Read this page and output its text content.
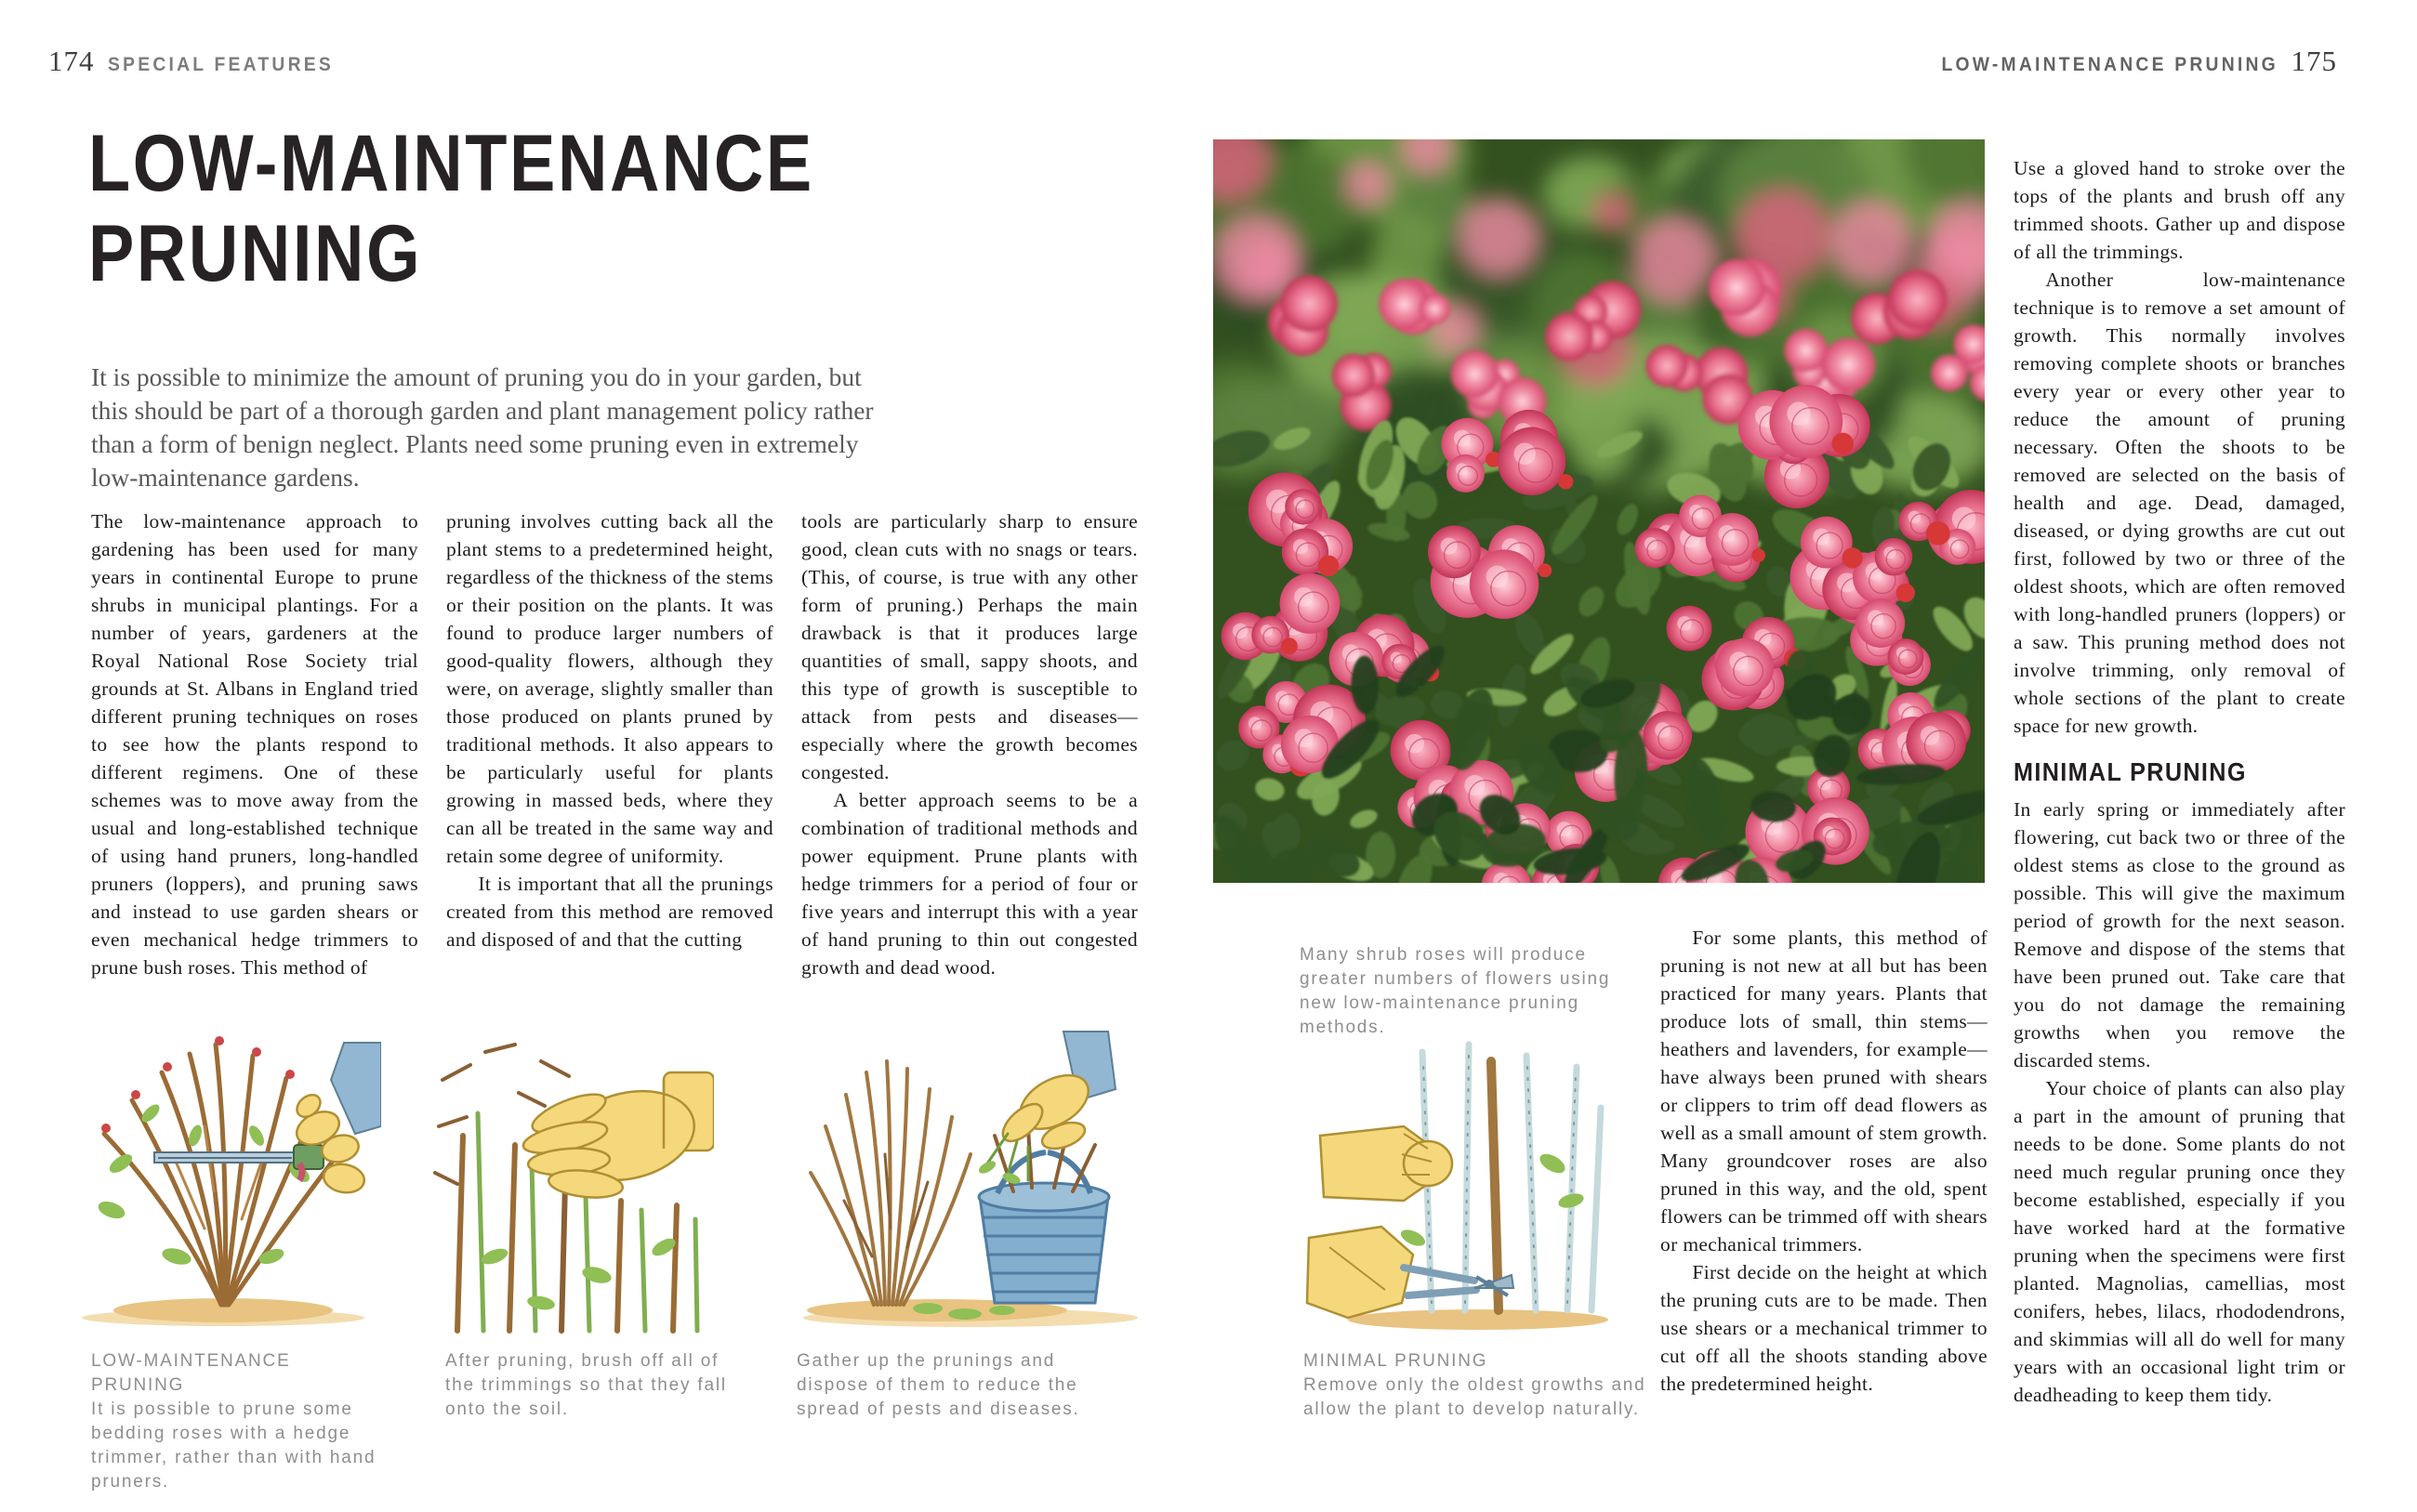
174 SPECIAL FEATURES	LOW-MAINTENANCE PRUNING 175
LOW-MAINTENANCE
PRUNING

It is possible to minimize the amount of pruning you do in your garden, but this should be part of a thorough garden and plant management policy rather than a form of benign neglect. Plants need some pruning even in extremely low-maintenance gardens.

The low-maintenance approach to gardening has been used for many years in continental Europe to prune shrubs in municipal plantings. For a number of years, gardeners at the Royal National Rose Society trial grounds at St. Albans in England tried different pruning techniques on roses to see how the plants respond to different regimens. One of these schemes was to move away from the usual and long-established technique of using hand pruners, long-handled pruners (loppers), and pruning saws and instead to use garden shears or even mechanical hedge trimmers to prune bush roses. This method of

pruning involves cutting back all the plant stems to a predetermined height, regardless of the thickness of the stems or their position on the plants. It was found to produce larger numbers of good-quality flowers, although they were, on average, slightly smaller than those produced on plants pruned by traditional methods. It also appears to be particularly useful for plants growing in massed beds, where they can all be treated in the same way and retain some degree of uniformity.

It is important that all the prunings created from this method are removed and disposed of and that the cutting

tools are particularly sharp to ensure good, clean cuts with no snags or tears. (This, of course, is true with any other form of pruning.) Perhaps the main drawback is that it produces large quantities of small, sappy shoots, and this type of growth is susceptible to attack from pests and diseases—especially where the growth becomes congested.

A better approach seems to be a combination of traditional methods and power equipment. Prune plants with hedge trimmers for a period of four or five years and interrupt this with a year of hand pruning to thin out congested growth and dead wood.

Many shrub roses will produce greater numbers of flowers using new low-maintenance pruning methods.

For some plants, this method of pruning is not new at all but has been practiced for many years. Plants that produce lots of small, thin stems—heathers and lavenders, for example—have always been pruned with shears or clippers to trim off dead flowers as well as a small amount of stem growth. Many groundcover roses are also pruned in this way, and the old, spent flowers can be trimmed off with shears or mechanical trimmers.

First decide on the height at which the pruning cuts are to be made. Then use shears or a mechanical trimmer to cut off all the shoots standing above the predetermined height.

Use a gloved hand to stroke over the tops of the plants and brush off any trimmed shoots. Gather up and dispose of all the trimmings.

Another low-maintenance technique is to remove a set amount of growth. This normally involves removing complete shoots or branches every year or every other year to reduce the amount of pruning necessary. Often the shoots to be removed are selected on the basis of health and age. Dead, damaged, diseased, or dying growths are cut out first, followed by two or three of the oldest shoots, which are often removed with long-handled pruners (loppers) or a saw. This pruning method does not involve trimming, only removal of whole sections of the plant to create space for new growth.

MINIMAL PRUNING

In early spring or immediately after flowering, cut back two or three of the oldest stems as close to the ground as possible. This will give the maximum period of growth for the next season. Remove and dispose of the stems that have been pruned out. Take care that you do not damage the remaining growths when you remove the discarded stems.

Your choice of plants can also play a part in the amount of pruning that needs to be done. Some plants do not need much regular pruning once they become established, especially if you have worked hard at the formative pruning when the specimens were first planted. Magnolias, camellias, most conifers, hebes, lilacs, rhododendrons, and skimmias will all do well for many years with an occasional light trim or deadheading to keep them tidy.

LOW-MAINTENANCE PRUNING
It is possible to prune some bedding roses with a hedge trimmer, rather than with hand pruners.
After pruning, brush off all of the trimmings so that they fall onto the soil.
Gather up the prunings and dispose of them to reduce the spread of pests and diseases.
MINIMAL PRUNING
Remove only the oldest growths and allow the plant to develop naturally.
